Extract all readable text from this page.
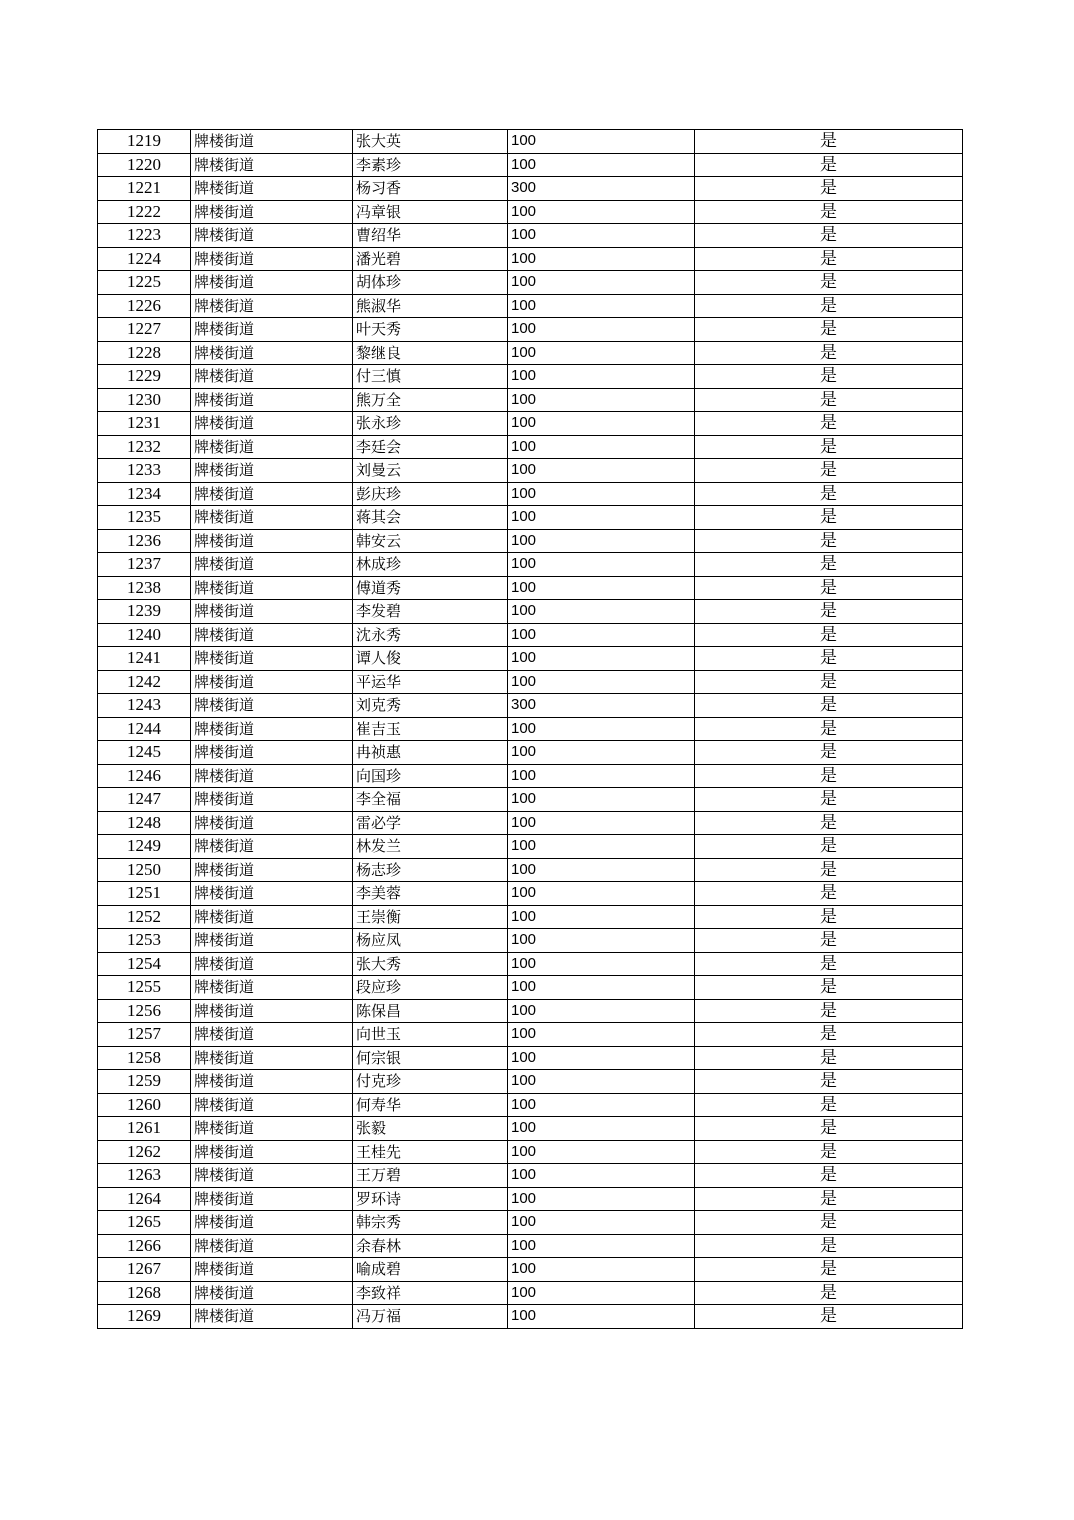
1219	牌楼街道	张大英	100	是
1220	牌楼街道	李素珍	100	是
1221	牌楼街道	杨习香	300	是
1222	牌楼街道	冯章银	100	是
1223	牌楼街道	曹绍华	100	是
1224	牌楼街道	潘光碧	100	是
1225	牌楼街道	胡体珍	100	是
1226	牌楼街道	熊淑华	100	是
1227	牌楼街道	叶天秀	100	是
1228	牌楼街道	黎继良	100	是
1229	牌楼街道	付三慎	100	是
1230	牌楼街道	熊万全	100	是
1231	牌楼街道	张永珍	100	是
1232	牌楼街道	李廷会	100	是
1233	牌楼街道	刘曼云	100	是
1234	牌楼街道	彭庆珍	100	是
1235	牌楼街道	蒋其会	100	是
1236	牌楼街道	韩安云	100	是
1237	牌楼街道	林成珍	100	是
1238	牌楼街道	傅道秀	100	是
1239	牌楼街道	李发碧	100	是
1240	牌楼街道	沈永秀	100	是
1241	牌楼街道	谭人俊	100	是
1242	牌楼街道	平运华	100	是
1243	牌楼街道	刘克秀	300	是
1244	牌楼街道	崔吉玉	100	是
1245	牌楼街道	冉祯惠	100	是
1246	牌楼街道	向国珍	100	是
1247	牌楼街道	李全福	100	是
1248	牌楼街道	雷必学	100	是
1249	牌楼街道	林发兰	100	是
1250	牌楼街道	杨志珍	100	是
1251	牌楼街道	李美蓉	100	是
1252	牌楼街道	王崇衡	100	是
1253	牌楼街道	杨应凤	100	是
1254	牌楼街道	张大秀	100	是
1255	牌楼街道	段应珍	100	是
1256	牌楼街道	陈保昌	100	是
1257	牌楼街道	向世玉	100	是
1258	牌楼街道	何宗银	100	是
1259	牌楼街道	付克珍	100	是
1260	牌楼街道	何寿华	100	是
1261	牌楼街道	张毅	100	是
1262	牌楼街道	王桂先	100	是
1263	牌楼街道	王万碧	100	是
1264	牌楼街道	罗环诗	100	是
1265	牌楼街道	韩宗秀	100	是
1266	牌楼街道	余春林	100	是
1267	牌楼街道	喻成碧	100	是
1268	牌楼街道	李致祥	100	是
1269	牌楼街道	冯万福	100	是
